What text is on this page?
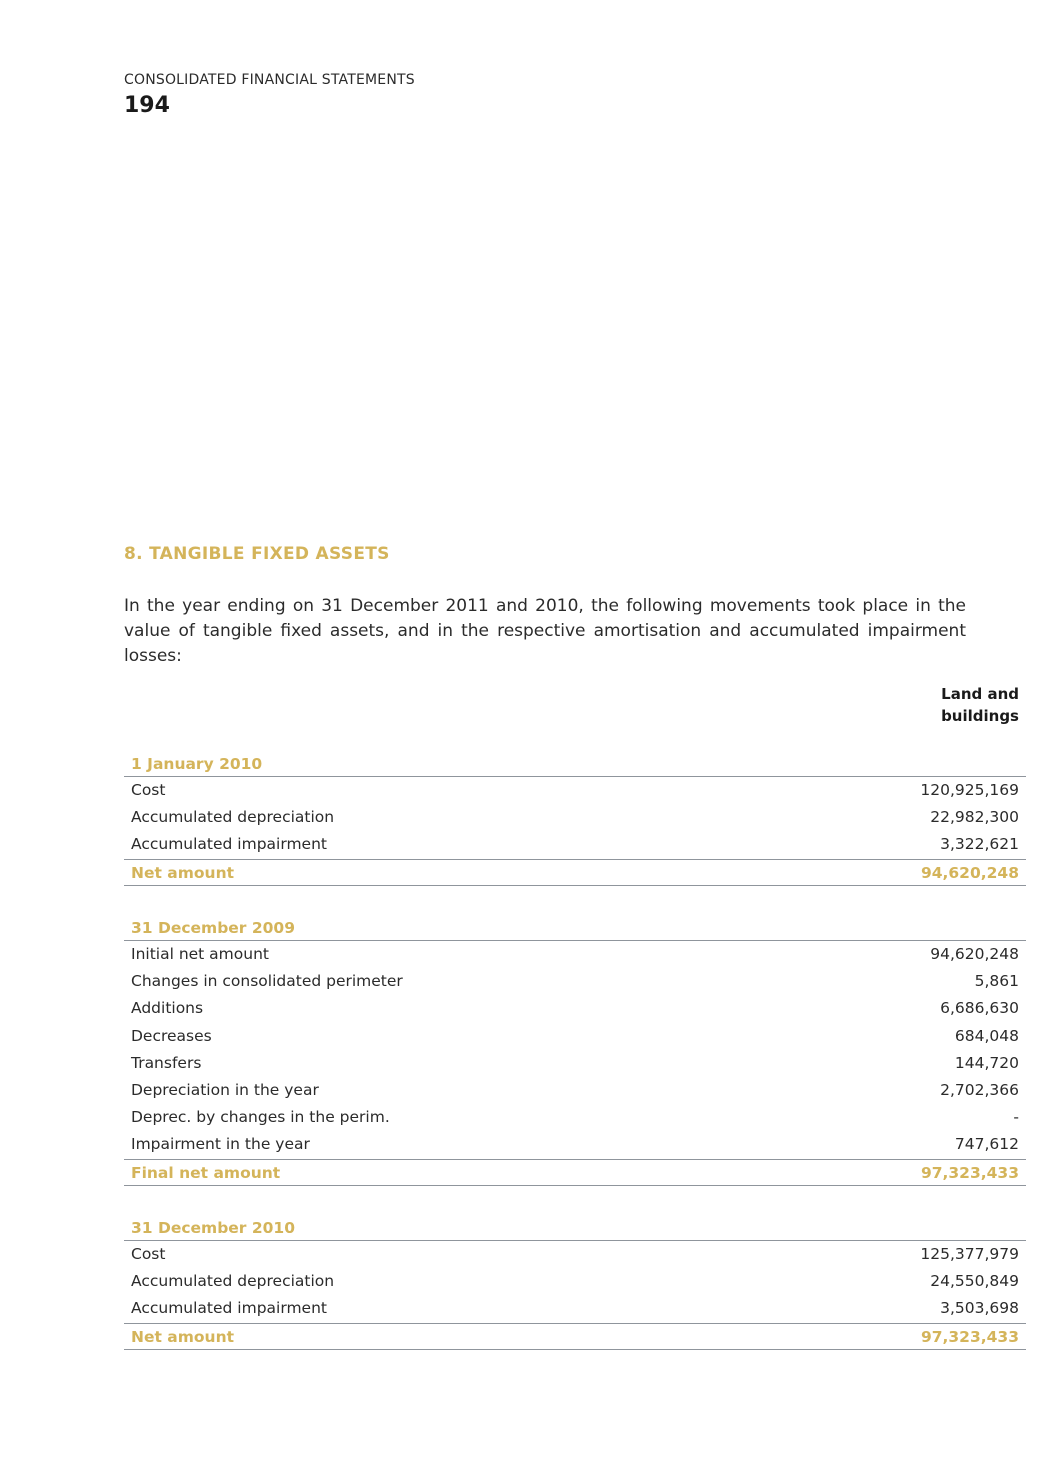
CONSOLIDATED FINANCIAL STATEMENTS
194
8. TANGIBLE FIXED ASSETS
In the year ending on 31 December 2011 and 2010, the following movements took place in the value of tangible fixed assets, and in the respective amortisation and accumulated impairment losses:
Land and
buildings
1 January 2010
Cost	120,925,169
Accumulated depreciation	22,982,300
Accumulated impairment	3,322,621
Net amount	94,620,248
31 December 2009
Initial net amount	94,620,248
Changes in consolidated perimeter	5,861
Additions	6,686,630
Decreases	684,048
Transfers	144,720
Depreciation in the year	2,702,366
Deprec. by changes in the perim.	-
Impairment in the year	747,612
Final net amount	97,323,433
31 December 2010
Cost	125,377,979
Accumulated depreciation	24,550,849
Accumulated impairment	3,503,698
Net amount	97,323,433
